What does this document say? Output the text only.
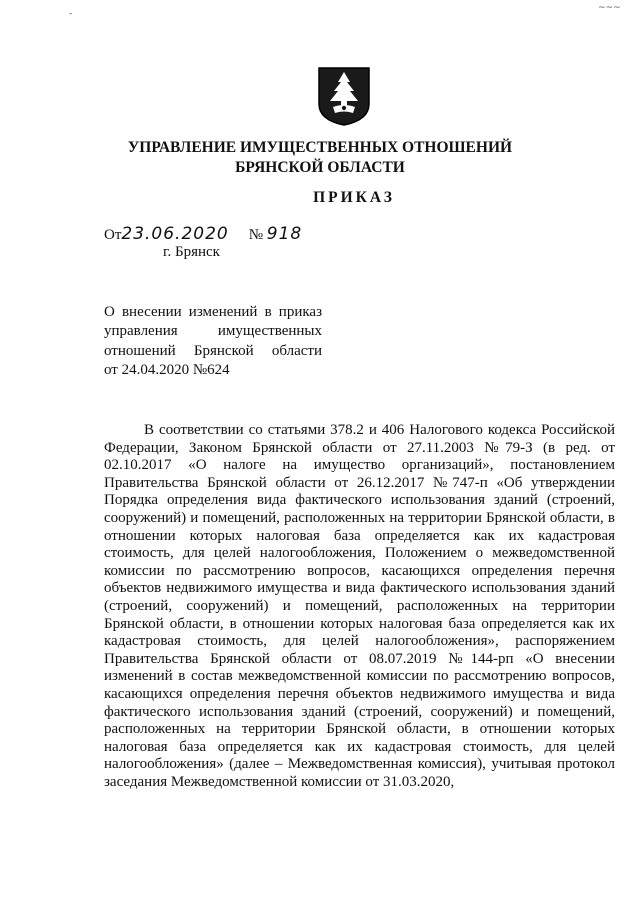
-
~~~
УПРАВЛЕНИЕ ИМУЩЕСТВЕННЫХ ОТНОШЕНИЙ
БРЯНСКОЙ ОБЛАСТИ
ПРИКАЗ
От23.06.2020 № 918
г. Брянск
О внесении изменений в приказ
управления имущественных
отношений Брянской области
от 24.04.2020 №624
В соответствии со статьями 378.2 и 406 Налогового кодекса Российской Федерации, Законом Брянской области от 27.11.2003 №79-З (в ред. от 02.10.2017 «О налоге на имущество организаций», постановлением Правительства Брянской области от 26.12.2017 №747-п «Об утверждении Порядка определения вида фактического использования зданий (строений, сооружений) и помещений, расположенных на территории Брянской области, в отношении которых налоговая база определяется как их кадастровая стоимость, для целей налогообложения, Положением о межведомственной комиссии по рассмотрению вопросов, касающихся определения перечня объектов недвижимого имущества и вида фактического использования зданий (строений, сооружений) и помещений, расположенных на территории Брянской области, в отношении которых налоговая база определяется как их кадастровая стоимость, для целей налогообложения», распоряжением Правительства Брянской области от 08.07.2019 №144-рп «О внесении изменений в состав межведомственной комиссии по рассмотрению вопросов, касающихся определения перечня объектов недвижимого имущества и вида фактического использования зданий (строений, сооружений) и помещений, расположенных на территории Брянской области, в отношении которых налоговая база определяется как их кадастровая стоимость, для целей налогообложения» (далее – Межведомственная комиссия), учитывая протокол заседания Межведомственной комиссии от 31.03.2020,
